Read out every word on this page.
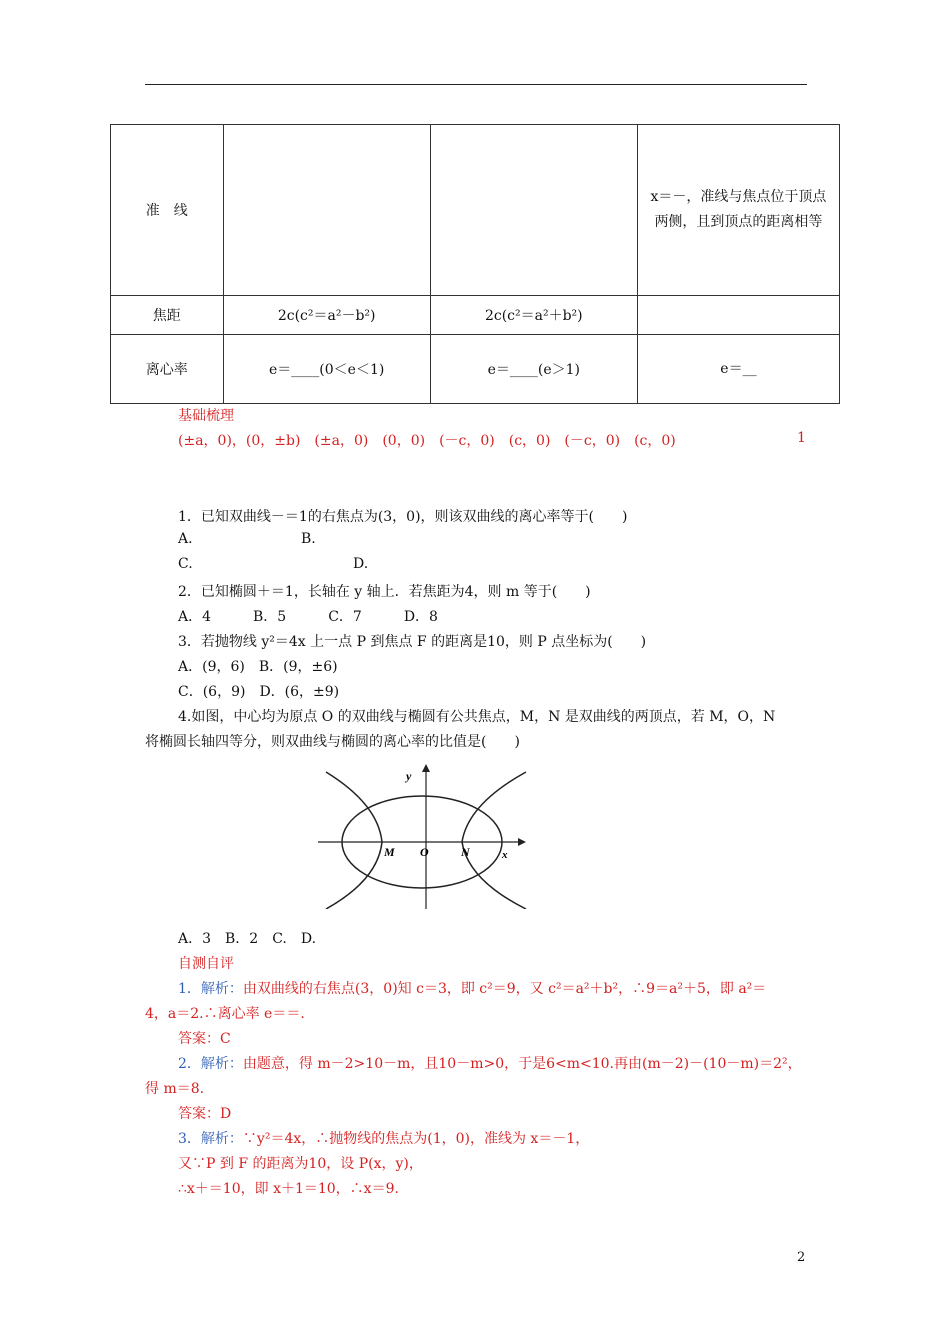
准　线			x＝－，准线与焦点位于顶点两侧，且到顶点的距离相等
焦距	2c(c²＝a²－b²)	2c(c²＝a²＋b²)	
离心率	e＝____(0＜e＜1)	e＝____(e＞1)	e＝__
基础梳理
(±a，0)，(0，±b)　(±a，0)　(0，0)　(－c，0)　(c，0)　(－c，0)　(c，0)	1
1．已知双曲线－＝1的右焦点为(3，0)，则该双曲线的离心率等于(　　)
A.	B.
C.	D.
2．已知椭圆＋＝1，长轴在 y 轴上．若焦距为4，则 m 等于(　　)
A．4　　　B．5　　　C．7　　　D．8
3．若抛物线 y²＝4x 上一点 P 到焦点 F 的距离是10，则 P 点坐标为(　　)
A．(9，6)　B．(9，±6)
C．(6，9)　D．(6，±9)
4.如图，中心均为原点 O 的双曲线与椭圆有公共焦点，M，N 是双曲线的两顶点，若 M，O，N
将椭圆长轴四等分，则双曲线与椭圆的离心率的比值是(　　)
y
x
M O	N
A．3　B．2　C.　D.
自测自评
1．解析：由双曲线的右焦点(3，0)知 c＝3，即 c²＝9，又 c²＝a²＋b²，∴9＝a²＋5，即 a²＝
4，a＝2.∴离心率 e＝＝.
答案：C
2．解析：由题意，得 m－2>10－m，且10－m>0，于是6<m<10.再由(m－2)－(10－m)＝2²，
得 m＝8.
答案：D
3．解析：∵y²＝4x，∴抛物线的焦点为(1，0)，准线为 x＝－1，
又∵P 到 F 的距离为10，设 P(x，y)，
∴x＋＝10，即 x＋1＝10，∴x＝9.
2
